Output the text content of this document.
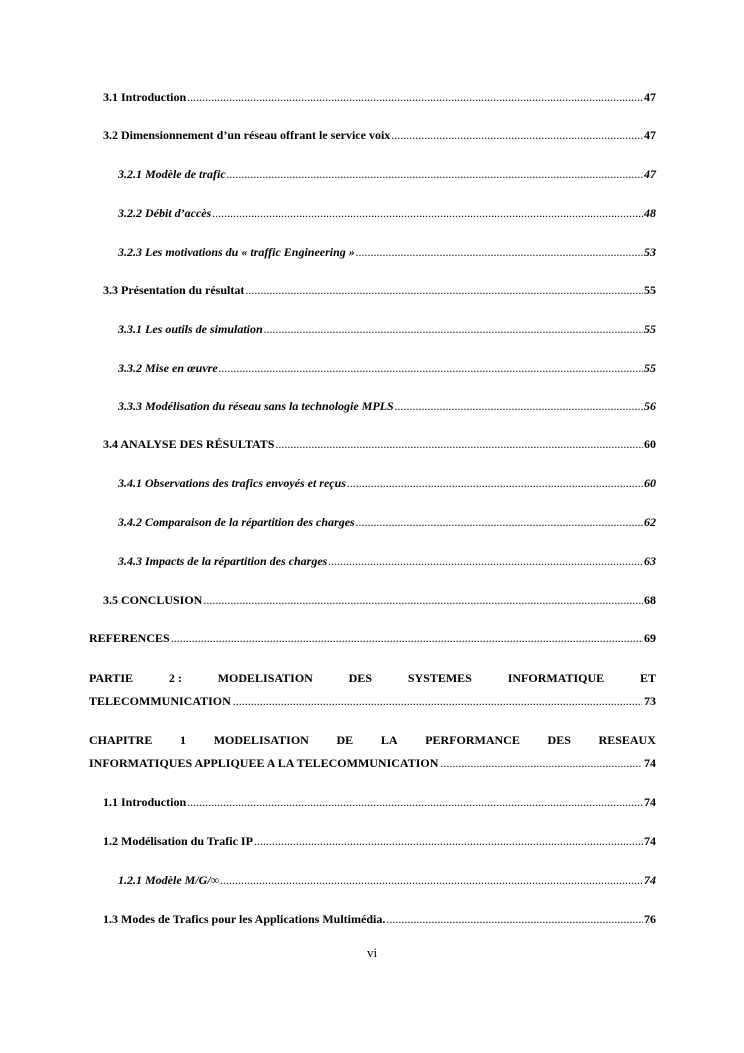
3.1 Introduction .....	47
3.2 Dimensionnement d’un réseau offrant le service voix .....	47
3.2.1 Modèle de trafic .....	47
3.2.2 Débit d’accès .....	48
3.2.3 Les motivations du « traffic Engineering » .....	53
3.3 Présentation du résultat .....	55
3.3.1 Les outils de simulation .....	55
3.3.2 Mise en œuvre .....	55
3.3.3 Modélisation du réseau sans la technologie MPLS .....	56
3.4 ANALYSE DES RÉSULTATS .....	60
3.4.1 Observations des trafics envoyés et reçus .....	60
3.4.2 Comparaison de la répartition des charges .....	62
3.4.3 Impacts de la répartition des charges .....	63
3.5 CONCLUSION .....	68
REFERENCES .....	69
PARTIE	2 :	MODELISATION	DES	SYSTEMES	INFORMATIQUE	ET
TELECOMMUNICATION .....	73
CHAPITRE 1 MODELISATION DE LA PERFORMANCE DES RESEAUX
INFORMATIQUES APPLIQUEE A LA TELECOMMUNICATION .....	74
1.1 Introduction .....	74
1.2 Modélisation du Trafic IP .....	74
1.2.1 Modèle M/G/∞ .....	74
1.3 Modes de Trafics pour les Applications Multimédia. .....	76
vi
